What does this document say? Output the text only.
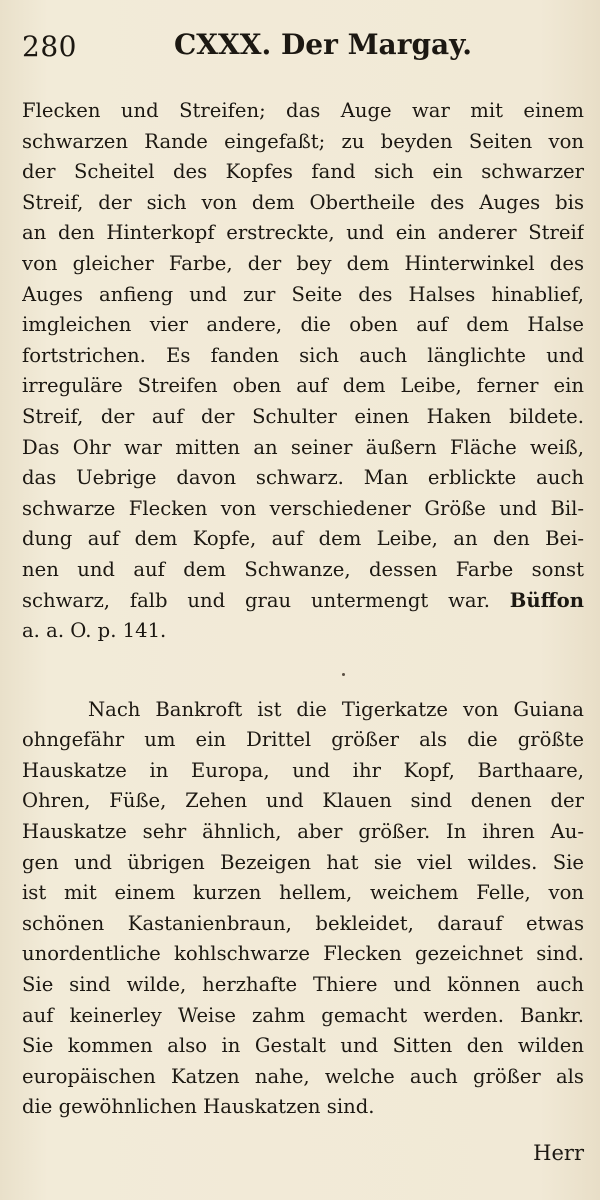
280	CXXX. Der Margay.
Flecken und Streifen; das Auge war mit einem
schwarzen Rande eingefaßt; zu beyden Seiten von
der Scheitel des Kopfes fand sich ein schwarzer
Streif, der sich von dem Obertheile des Auges bis
an den Hinterkopf erstreckte, und ein anderer Streif
von gleicher Farbe, der bey dem Hinterwinkel des
Auges anfieng und zur Seite des Halses hinablief,
imgleichen vier andere, die oben auf dem Halse
fortstrichen. Es fanden sich auch länglichte und
irreguläre Streifen oben auf dem Leibe, ferner ein
Streif, der auf der Schulter einen Haken bildete.
Das Ohr war mitten an seiner äußern Fläche weiß,
das Uebrige davon schwarz. Man erblickte auch
schwarze Flecken von verschiedener Größe und Bil-
dung auf dem Kopfe, auf dem Leibe, an den Bei-
nen und auf dem Schwanze, dessen Farbe sonst
schwarz, falb und grau untermengt war. Büffon
a. a. O. p. 141.
Nach Bankroft ist die Tigerkatze von Guiana
ohngefähr um ein Drittel größer als die größte
Hauskatze in Europa, und ihr Kopf, Barthaare,
Ohren, Füße, Zehen und Klauen sind denen der
Hauskatze sehr ähnlich, aber größer. In ihren Au-
gen und übrigen Bezeigen hat sie viel wildes. Sie
ist mit einem kurzen hellem, weichem Felle, von
schönen Kastanienbraun, bekleidet, darauf etwas
unordentliche kohlschwarze Flecken gezeichnet sind.
Sie sind wilde, herzhafte Thiere und können auch
auf keinerley Weise zahm gemacht werden. Bankr.
Sie kommen also in Gestalt und Sitten den wilden
europäischen Katzen nahe, welche auch größer als
die gewöhnlichen Hauskatzen sind.
Herr
